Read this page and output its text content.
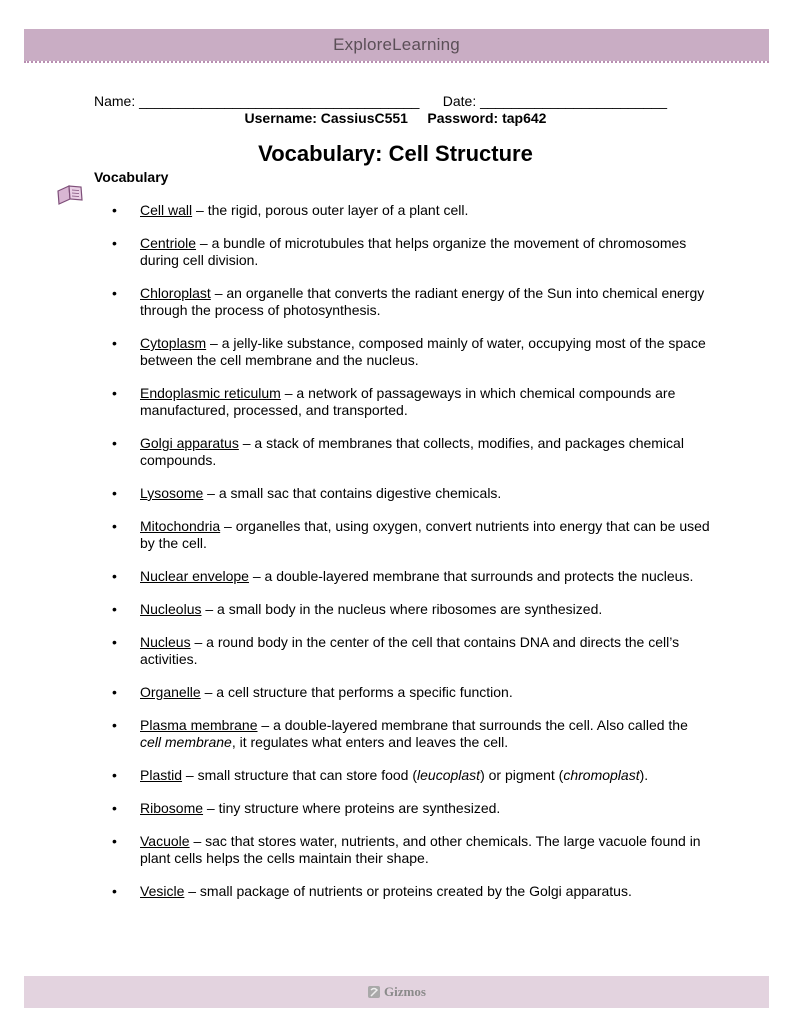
ExploreLearning
Name: ____________________________________      Date: ________________________
Username: CassiusC551     Password: tap642
Vocabulary: Cell Structure
Vocabulary
• Cell wall – the rigid, porous outer layer of a plant cell.
• Centriole – a bundle of microtubules that helps organize the movement of chromosomes during cell division.
• Chloroplast – an organelle that converts the radiant energy of the Sun into chemical energy through the process of photosynthesis.
• Cytoplasm – a jelly-like substance, composed mainly of water, occupying most of the space between the cell membrane and the nucleus.
• Endoplasmic reticulum – a network of passageways in which chemical compounds are manufactured, processed, and transported.
• Golgi apparatus – a stack of membranes that collects, modifies, and packages chemical compounds.
• Lysosome – a small sac that contains digestive chemicals.
• Mitochondria – organelles that, using oxygen, convert nutrients into energy that can be used by the cell.
• Nuclear envelope – a double-layered membrane that surrounds and protects the nucleus.
• Nucleolus – a small body in the nucleus where ribosomes are synthesized.
• Nucleus – a round body in the center of the cell that contains DNA and directs the cell’s activities.
• Organelle – a cell structure that performs a specific function.
• Plasma membrane – a double-layered membrane that surrounds the cell. Also called the cell membrane, it regulates what enters and leaves the cell.
• Plastid – small structure that can store food (leucoplast) or pigment (chromoplast).
• Ribosome – tiny structure where proteins are synthesized.
• Vacuole – sac that stores water, nutrients, and other chemicals. The large vacuole found in plant cells helps the cells maintain their shape.
• Vesicle – small package of nutrients or proteins created by the Golgi apparatus.
Gizmos
